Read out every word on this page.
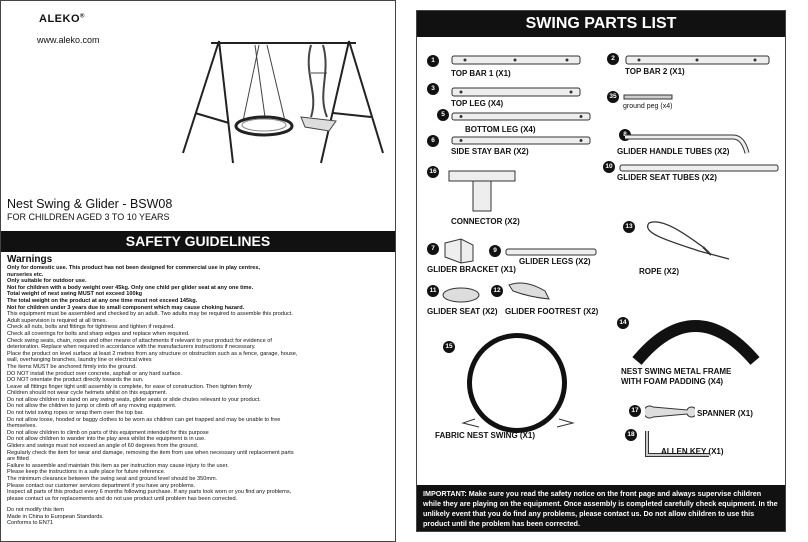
ALEKO®
www.aleko.com
Nest Swing & Glider - BSW08
FOR CHILDREN AGED 3 TO 10 YEARS
SAFETY GUIDELINES
Warnings

Only for domestic use. This product has not been designed for commercial use in play centres,

nurseries etc.

Only suitable for outdoor use.

Not for children with a body weight over 45kg. Only one child per glider seat at any one time.

Total weight of nest swing MUST not exceed 100kg

The total weight on the product at any one time must not exceed 145kg.

Not for children under 3 years due to small component which may cause choking hazard.

This equipment must be assembled and checked by an adult. Two adults may be required to assemble this product.

Adult supervision is required at all times.

Check all nuts, bolts and fittings for tightness and tighten if required.

Check all coverings for bolts and sharp edges and replace when required.

Check swing seats, chain, ropes and other means of attachments if relevant to your product for evidence of

deterioration. Replace when required in accordance with the manufacturers instructions if necessary.

Place the product on level surface at least 2 metres from any structure or obstruction such as a fence, garage, house,

wall, overhanging branches, laundry line or electrical wires

The items MUST be anchored firmly into the ground.

DO NOT install the product over concrete, asphalt or any hard surface.

DO NOT orientate the product directly towards the sun.

Leave all fittings finger tight until assembly is complete, for ease of construction. Then tighten firmly

Children should not wear cycle helmets whilst on this equipment.

Do not allow children to stand on any swing seats, glider seats or slide chutes relevant to your product.

Do not allow the children to jump or climb off any moving equipment.

Do not twist swing ropes or wrap them over the top bar.

Do not allow loose, hooded or baggy clothes to be worn as children can get trapped and may be unable to free

themselves.

Do not allow children to climb on parts of this equipment intended for this purpose

Do not allow children to wander into the play area whilst the equipment is in use.

Gliders and swings must not exceed an angle of 60 degrees from the ground.

Regularly check the item for wear and damage, removing the item from use when necessary until replacement parts

are fitted

Failure to assemble and maintain this item as per instruction may cause injury to the user.

Please keep the instructions in a safe place for future reference.

The minimum clearance between the swing seat and ground level should be 350mm.

Please contact our customer services department if you have any problems.

Inspect all parts of this product every 6 months following purchase. If any parts look worn or you find any problems,

please contact us for replacements and do not use product until problem has been corrected.

Do not modify this item

Made in China to European Standards.

Conforms to EN71

SWING PARTS LIST
1
TOP BAR 1 (X1)
2
TOP BAR 2 (X1)
3
TOP LEG (X4)
35
ground peg (x4)
5
BOTTOM LEG (X4)
6
SIDE STAY BAR (X2)
8
GLIDER HANDLE TUBES (X2)
10
GLIDER SEAT TUBES (X2)
16
CONNECTOR (X2)
13
ROPE (X2)
7
GLIDER BRACKET (X1)
9
GLIDER LEGS (X2)
11
GLIDER SEAT (X2)
12
GLIDER FOOTREST (X2)
14
NEST SWING METAL FRAME
WITH FOAM PADDING (X4)
15
FABRIC NEST SWING (X1)
17	SPANNER (X1)
18
ALLEN KEY (X1)
IMPORTANT: Make sure you read the safety notice on the front page and always supervise children while they are playing on the equipment. Once assembly is completed carefully check equipment. In the unlikely event that you do find any problems, please contact us. Do not allow children to use this product until the problem has been corrected.
